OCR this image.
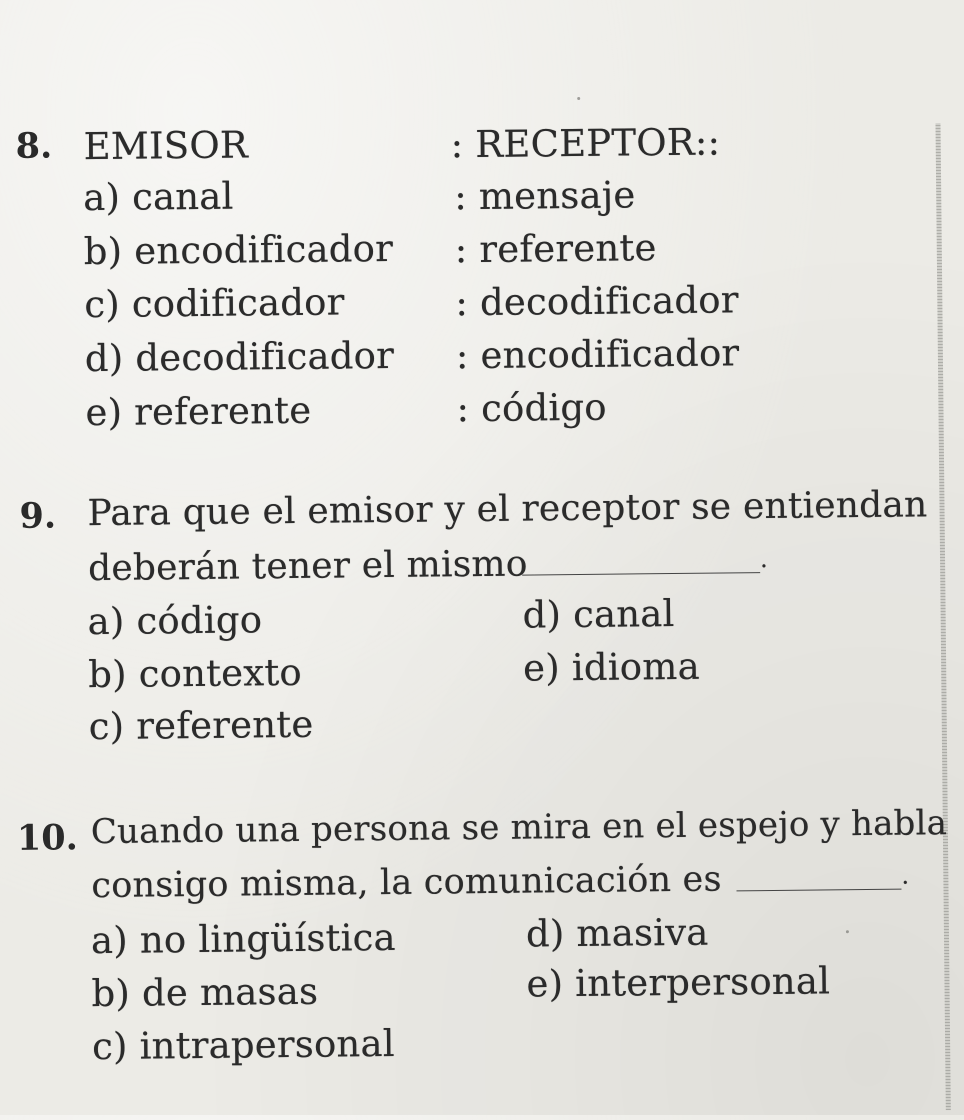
8. EMISOR	: RECEPTOR::
a) canal	: mensaje
b) encodificador : referente
c) codificador	: decodificador
d) decodificador : encodificador
e) referente	: código
9. Para que el emisor y el receptor se entiendan
deberán tener el mismo	.
a) código
b) contexto
c) referente
d) canal
e) idioma
10. Cuando una persona se mira en el espejo y habla
consigo misma, la comunicación es	.
a) no lingüística
b) de masas
c) intrapersonal
d) masiva
e) interpersonal
